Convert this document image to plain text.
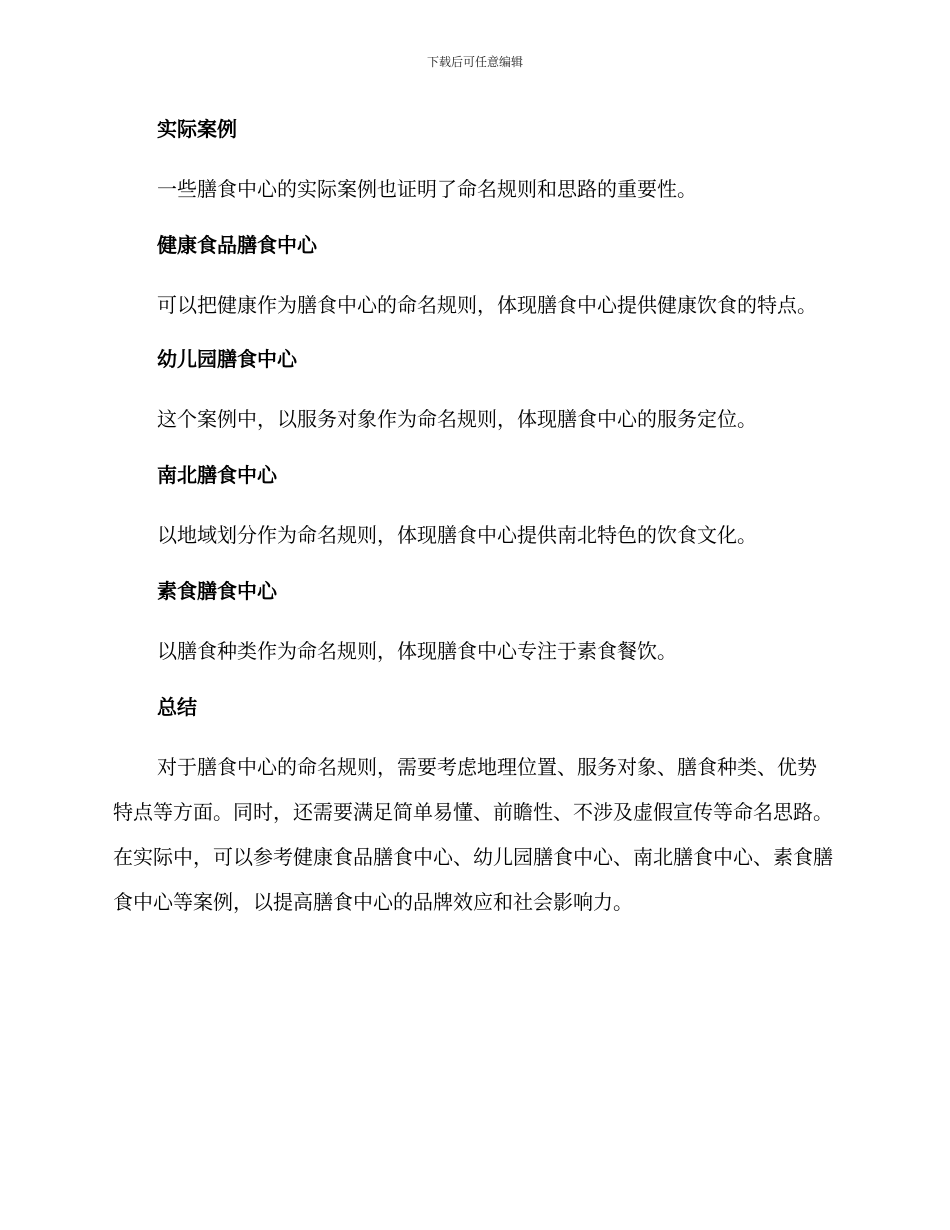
下载后可任意编辑
实际案例
一些膳食中心的实际案例也证明了命名规则和思路的重要性。
健康食品膳食中心
可以把健康作为膳食中心的命名规则，体现膳食中心提供健康饮食的特点。
幼儿园膳食中心
这个案例中，以服务对象作为命名规则，体现膳食中心的服务定位。
南北膳食中心
以地域划分作为命名规则，体现膳食中心提供南北特色的饮食文化。
素食膳食中心
以膳食种类作为命名规则，体现膳食中心专注于素食餐饮。
总结
对于膳食中心的命名规则，需要考虑地理位置、服务对象、膳食种类、优势特点等方面。同时，还需要满足简单易懂、前瞻性、不涉及虚假宣传等命名思路。在实际中，可以参考健康食品膳食中心、幼儿园膳食中心、南北膳食中心、素食膳食中心等案例，以提高膳食中心的品牌效应和社会影响力。
